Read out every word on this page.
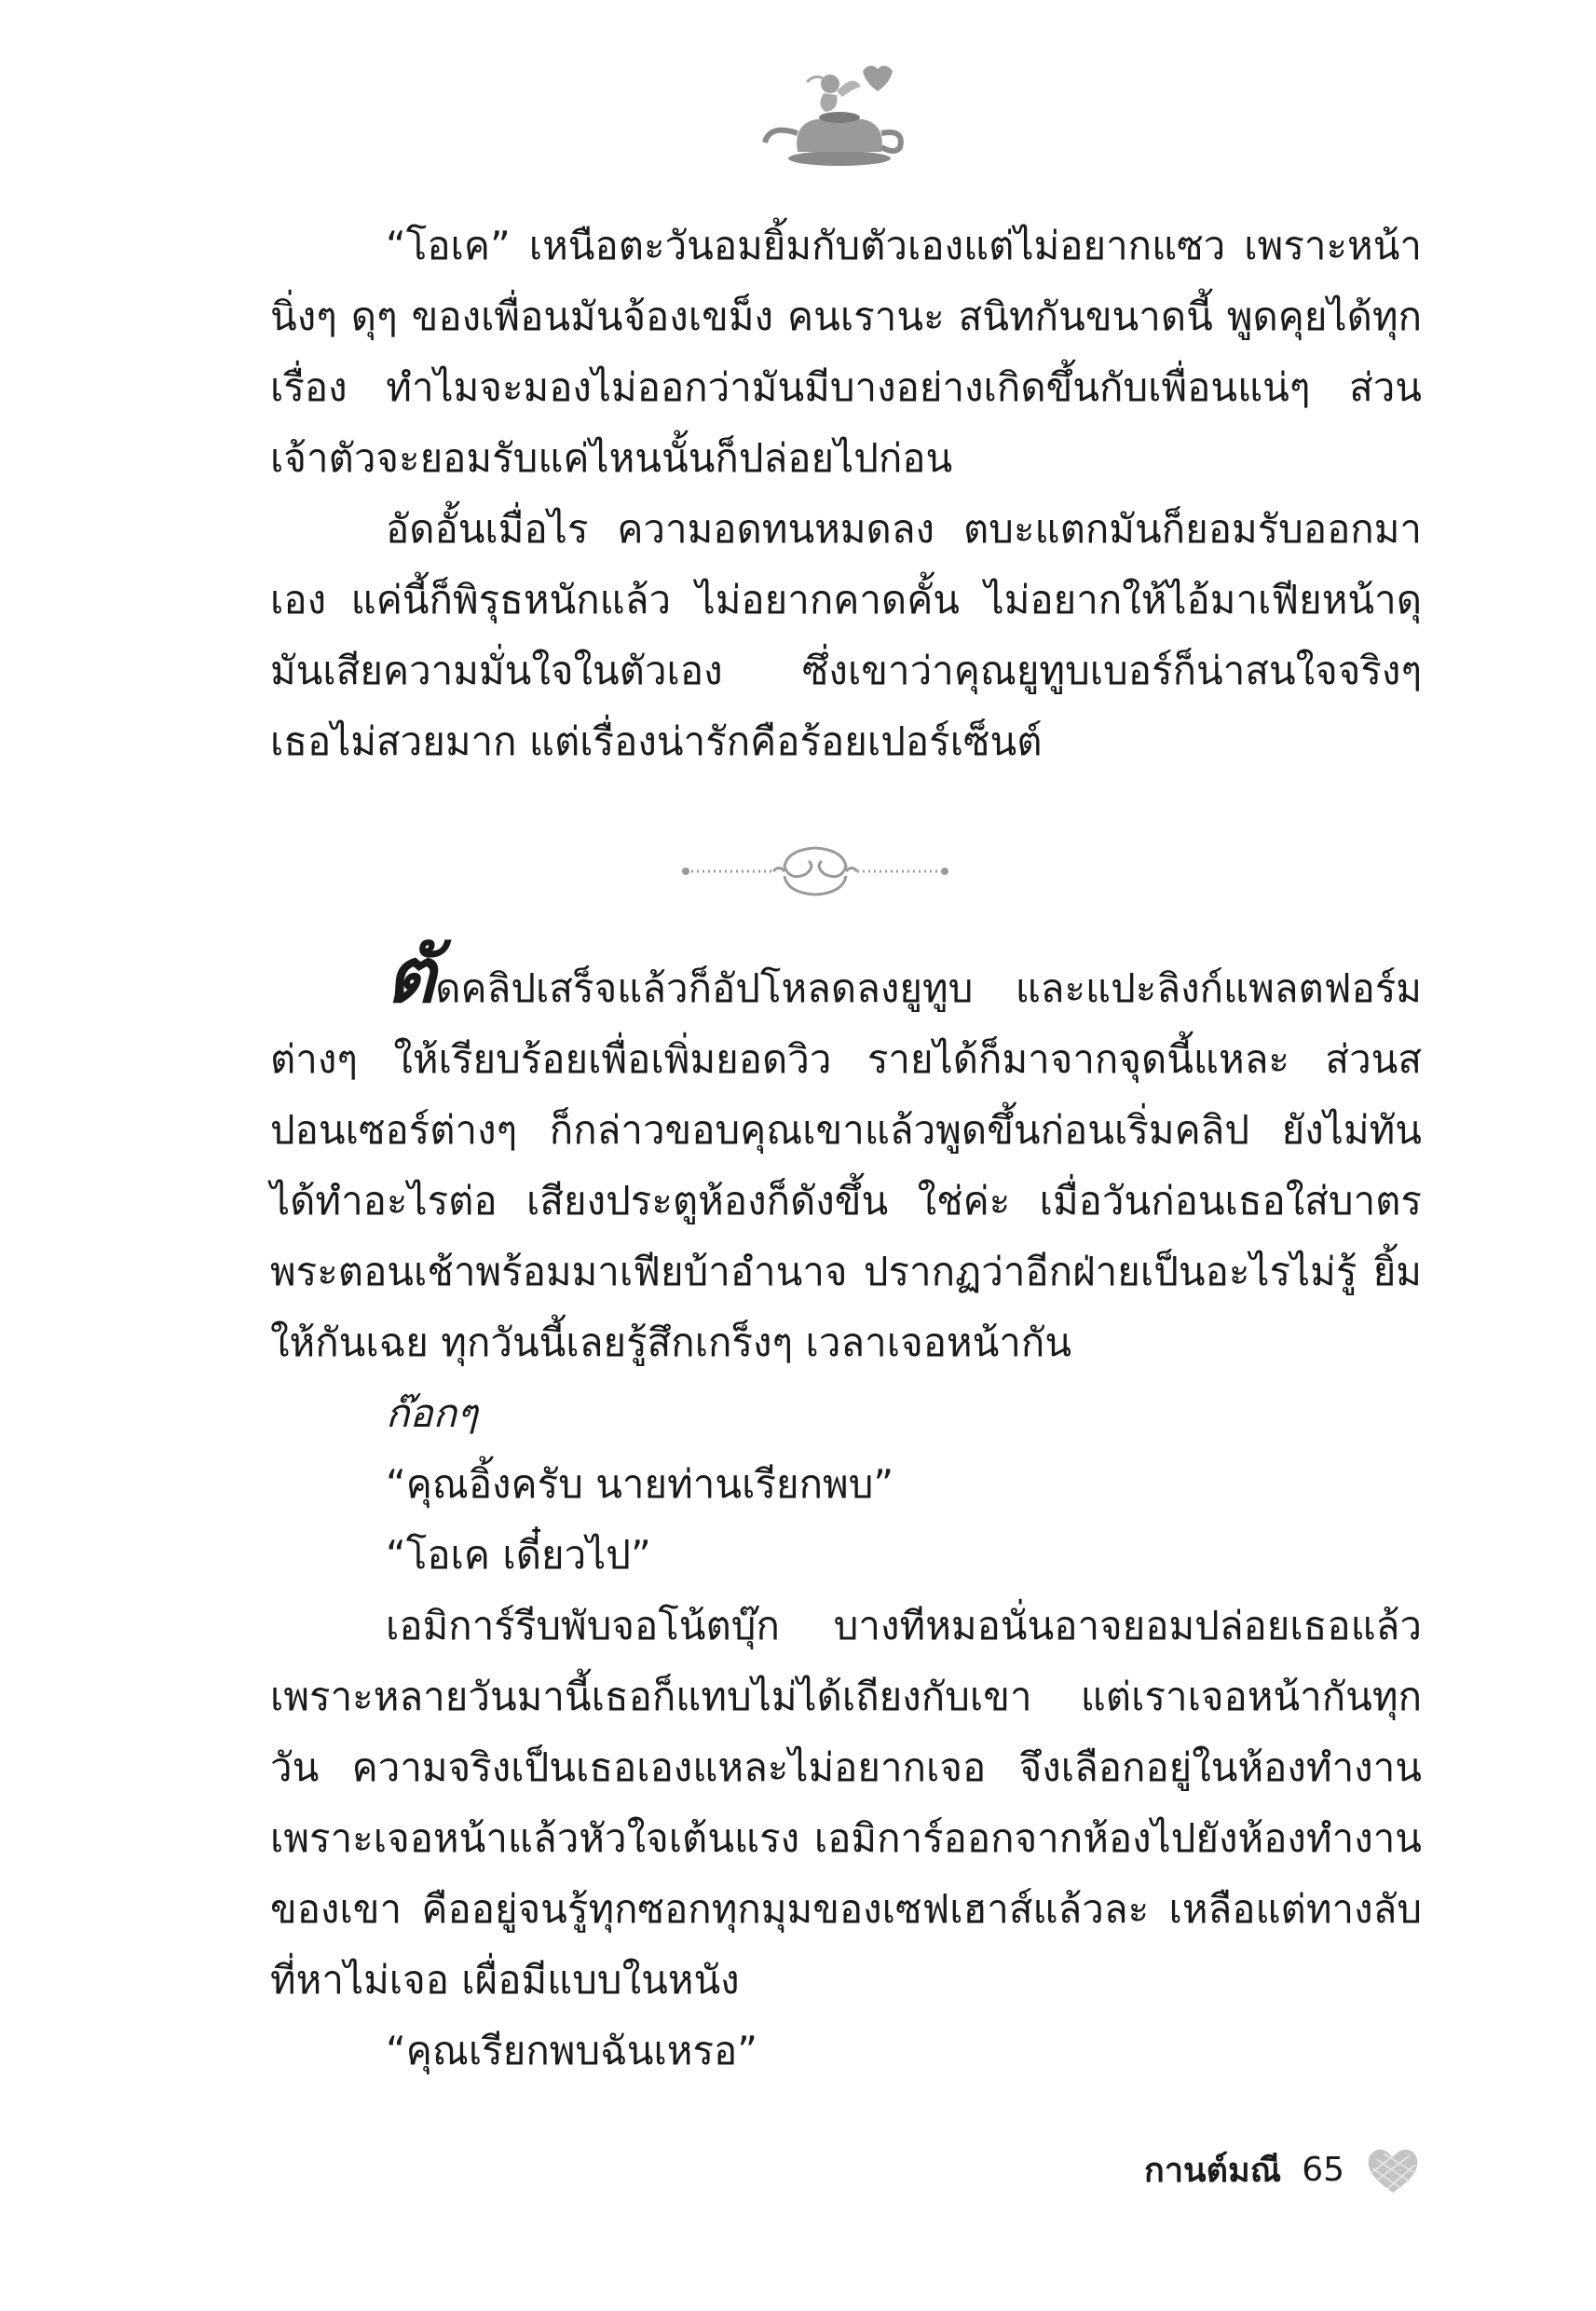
“โอเค” เหนือตะวันอมยิ้มกับตัวเองแต่ไม่อยากแซว เพราะหน้านิ่งๆ ดุๆ ของเพื่อนมันจ้องเขม็ง คนเรานะ สนิทกันขนาดนี้ พูดคุยได้ทุกเรื่อง ทำไมจะมองไม่ออกว่ามันมีบางอย่างเกิดขึ้นกับเพื่อนแน่ๆ ส่วนเจ้าตัวจะยอมรับแค่ไหนนั้นก็ปล่อยไปก่อน

อัดอั้นเมื่อไร ความอดทนหมดลง ตบะแตกมันก็ยอมรับออกมาเอง แค่นี้ก็พิรุธหนักแล้ว ไม่อยากคาดคั้น ไม่อยากให้ไอ้มาเฟียหน้าดุมันเสียความมั่นใจในตัวเอง ซึ่งเขาว่าคุณยูทูบเบอร์ก็น่าสนใจจริงๆ เธอไม่สวยมาก แต่เรื่องน่ารักคือร้อยเปอร์เซ็นต์

ตัดคลิปเสร็จแล้วก็อัปโหลดลงยูทูบ และแปะลิงก์แพลตฟอร์มต่างๆ ให้เรียบร้อยเพื่อเพิ่มยอดวิว รายได้ก็มาจากจุดนี้แหละ ส่วนสปอนเซอร์ต่างๆ ก็กล่าวขอบคุณเขาแล้วพูดขึ้นก่อนเริ่มคลิป ยังไม่ทันได้ทำอะไรต่อ เสียงประตูห้องก็ดังขึ้น ใช่ค่ะ เมื่อวันก่อนเธอใส่บาตรพระตอนเช้าพร้อมมาเฟียบ้าอำนาจ ปรากฏว่าอีกฝ่ายเป็นอะไรไม่รู้ ยิ้มให้กันเฉย ทุกวันนี้เลยรู้สึกเกร็งๆ เวลาเจอหน้ากัน

ก๊อกๆ

“คุณอิ้งครับ นายท่านเรียกพบ”

“โอเค เดี๋ยวไป”

เอมิการ์รีบพับจอโน้ตบุ๊ก บางทีหมอนั่นอาจยอมปล่อยเธอแล้ว เพราะหลายวันมานี้เธอก็แทบไม่ได้เถียงกับเขา แต่เราเจอหน้ากันทุกวัน ความจริงเป็นเธอเองแหละไม่อยากเจอ จึงเลือกอยู่ในห้องทำงาน เพราะเจอหน้าแล้วหัวใจเต้นแรง เอมิการ์ออกจากห้องไปยังห้องทำงานของเขา คืออยู่จนรู้ทุกซอกทุกมุมของเซฟเฮาส์แล้วละ เหลือแต่ทางลับที่หาไม่เจอ เผื่อมีแบบในหนัง

“คุณเรียกพบฉันเหรอ”

กานต์มณี 65
